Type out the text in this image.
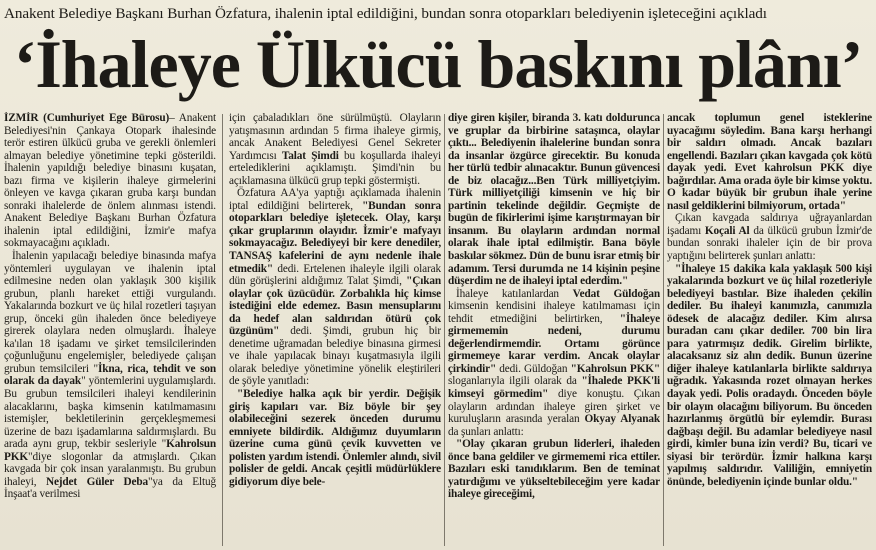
Anakent Belediye Başkanı Burhan Özfatura, ihalenin iptal edildiğini, bundan sonra otoparkları belediyenin işleteceğini açıkladı
‘İhaleye Ülkücü baskını plânı’

İZMİR (Cumhuriyet Ege Bürosu)– Anakent Belediyesi'nin Çankaya Otopark ihalesinde terör estiren ülkücü gruba ve gerekli önlemleri almayan belediye yönetimine tepki gösterildi. İhalenin yapıldığı belediye binasını kuşatan, bazı firma ve kişilerin ihaleye girmelerini önleyen ve kavga çıkaran gruba karşı bundan sonraki ihalelerde de önlem alınması istendi. Anakent Belediye Başkanı Burhan Özfatura ihalenin iptal edildiğini, İzmir'e mafya sokmayacağını açıkladı.

İhalenin yapılacağı belediye binasında mafya yöntemleri uygulayan ve ihalenin iptal edilmesine neden olan yaklaşık 300 kişilik grubun, planlı hareket ettiği vurgulandı. Yakalarında bozkurt ve üç hilal rozetleri taşıyan grup, önceki gün ihaleden önce belediyeye girerek olaylara neden olmuşlardı. İhaleye ka'ılan 18 işadamı ve şirket temsilcilerinden çoğunluğunu engelemişler, belediyede çalışan grubun temsilcileri "İkna, rica, tehdit ve son olarak da dayak" yöntemlerini uygulamışlardı. Bu grubun temsilcileri ihaleyi kendilerinin alacaklarını, başka kimsenin katılmamasını istemişler, bekletilerinin gerçekleşmemesi üzerine de bazı işadamlarına saldırmışlardı. Bu arada aynı grup, tekbir sesleriyle "Kahrolsun PKK"diye slogonlar da atmışlardı. Çıkan kavgada bir çok insan yaralanmıştı. Bu grubun ihaleyi, Nejdet Güler Deba"ya da Eltuğ İnşaat'a verilmesi

için çabaladıkları öne sürülmüştü. Olayların yatışmasının ardından 5 firma ihaleye girmiş, ancak Anakent Belediyesi Genel Sekreter Yardımcısı Talat Şimdi bu koşullarda ihaleyi ertelediklerini açıklamıştı. Şimdi'nin bu açıklamasına ülkücü grup tepki göstermişti.

Özfatura AA'ya yaptığı açıklamada ihalenin iptal edildiğini belirterek, "Bundan sonra otoparkları belediye işletecek. Olay, karşı çıkar gruplarının olayıdır. İzmir'e mafyayı sokmayacağız. Belediyeyi bir kere denediler, TANSAŞ kafelerini de aynı nedenle ihale etmedik" dedi. Ertelenen ihaleyle ilgili olarak dün görüşlerini aldığımız Talat Şimdi, "Çıkan olaylar çok üzücüdür. Zorbalıkla hiç kimse istediğini elde edemez. Basın mensuplarını da hedef alan saldırıdan ötürü çok üzgünüm" dedi. Şimdi, grubun hiç bir denetime uğramadan belediye binasına girmesi ve ihale yapılacak binayı kuşatmasıyla ilgili olarak belediye yönetimine yönelik eleştirileri de şöyle yanıtladı:

"Belediye halka açık bir yerdir. Değişik giriş kapıları var. Biz böyle bir şey olabileceğini sezerek önceden durumu emniyete bildirdik. Aldığımız duyumların üzerine cuma günü çevik kuvvetten ve polisten yardım istendi. Önlemler alındı, sivil polisler de geldi. Ancak çeşitli müdürlüklere gidiyorum diye bele-

diye giren kişiler, biranda 3. katı doldurunca ve gruplar da birbirine sataşınca, olaylar çıktı... Belediyenin ihalelerine bundan sonra da insanlar özgürce girecektir. Bu konuda her türlü tedbir alınacaktır. Bunun güvencesi de biz olacağız...Ben Türk milliyetçiyim. Türk milliyetçiliği kimsenin ve hiç bir partinin tekelinde değildir. Geçmişte de bugün de fikirlerimi işime karıştırmayan bir insanım. Bu olayların ardından normal olarak ihale iptal edilmiştir. Bana böyle baskılar sökmez. Dün de bunu israr etmiş bir adamım. Tersi durumda ne 14 kişinin peşine düşerdim ne de ihaleyi iptal ederdim."

İhaleye katılanlardan Vedat Güldoğan kimsenin kendisini ihaleye katılmaması için tehdit etmediğini belirtirken, "İhaleye girmememin nedeni, durumu değerlendirmemdir. Ortamı görünce girmemeye karar verdim. Ancak olaylar çirkindir" dedi. Güldoğan "Kahrolsun PKK" sloganlarıyla ilgili olarak da "İhalede PKK'li kimseyi görmedim" diye konuştu. Çıkan olayların ardından ihaleye giren şirket ve kuruluşların arasında yeralan Okyay Alyanak da şunları anlattı:

"Olay çıkaran grubun liderleri, ihaleden önce bana geldiler ve girmememi rica ettiler. Bazıları eski tanıdıklarım. Ben de teminat yatırdığımı ve yükseltebileceğim yere kadar ihaleye gireceğimi,

ancak toplumun genel isteklerine uyacağımı söyledim. Bana karşı herhangi bir saldırı olmadı. Ancak bazıları engellendi. Bazıları çıkan kavgada çok kötü dayak yedi. Evet kahrolsun PKK diye bağırdılar. Ama orada öyle bir kimse yoktu. O kadar büyük bir grubun ihale yerine nasıl geldiklerini bilmiyorum, ortada"

Çıkan kavgada saldırıya uğrayanlardan işadamı Koçali Al da ülkücü grubun İzmir'de bundan sonraki ihaleler için de bir prova yaptığını belirterek şunları anlattı:

"İhaleye 15 dakika kala yaklaşık 500 kişi yakalarında bozkurt ve üç hilal rozetleriyle belediyeyi bastılar. Bize ihaleden çekilin dediler. Bu ihaleyi kanımızla, canımızla ödesek de alacağız dediler. Kim alırsa buradan canı çıkar dediler. 700 bin lira para yatırmışız dedik. Girelim birlikte, alacaksanız siz alın dedik. Bunun üzerine diğer ihaleye katılanlarla birlikte saldırıya uğradık. Yakasında rozet olmayan herkes dayak yedi. Polis oradaydı. Önceden böyle bir olayın olacağını biliyorum. Bu önceden hazırlanmış örgütlü bir eylemdir. Burası dağbaşı değil. Bu adamlar belediyeye nasıl girdi, kimler buna izin verdi? Bu, ticari ve siyasi bir terördür. İzmir halkına karşı yapılmış saldırıdır. Valiliğin, emniyetin önünde, belediyenin içinde bunlar oldu."
